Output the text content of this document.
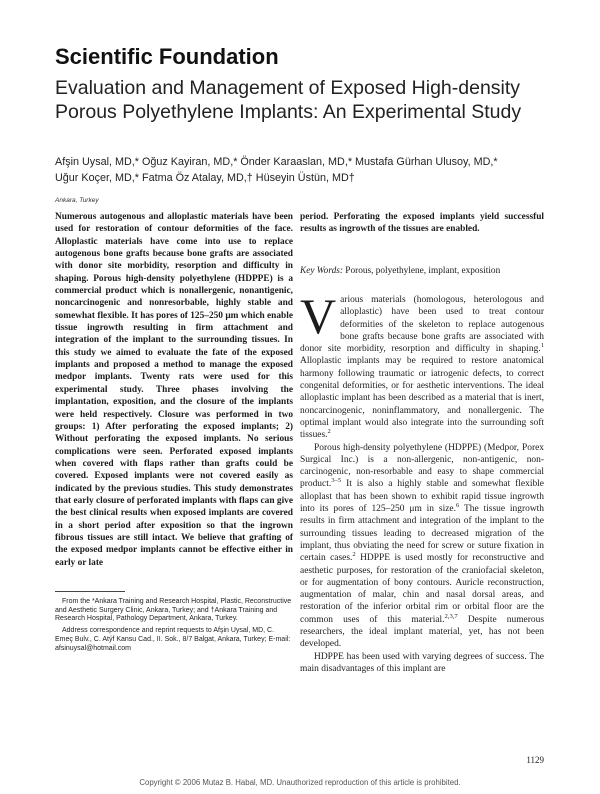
Scientific Foundation
Evaluation and Management of Exposed High-density Porous Polyethylene Implants: An Experimental Study
Afşin Uysal, MD,* Oğuz Kayiran, MD,* Önder Karaaslan, MD,* Mustafa Gürhan Ulusoy, MD,*
Uğur Koçer, MD,* Fatma Öz Atalay, MD,† Hüseyin Üstün, MD†
Ankara, Turkey
Numerous autogenous and alloplastic materials have been used for restoration of contour deformities of the face. Alloplastic materials have come into use to replace autogenous bone grafts because bone grafts are associated with donor site morbidity, resorption and difficulty in shaping. Porous high-density polyethylene (HDPPE) is a commercial product which is nonallergenic, nonantigenic, noncarcinogenic and nonresorbable, highly stable and somewhat flexible. It has pores of 125–250 μm which enable tissue ingrowth resulting in firm attachment and integration of the implant to the surrounding tissues. In this study we aimed to evaluate the fate of the exposed implants and proposed a method to manage the exposed medpor implants. Twenty rats were used for this experimental study. Three phases involving the implantation, exposition, and the closure of the implants were held respectively. Closure was performed in two groups: 1) After perforating the exposed implants; 2) Without perforating the exposed implants. No serious complications were seen. Perforated exposed implants when covered with flaps rather than grafts could be covered. Exposed implants were not covered easily as indicated by the previous studies. This study demonstrates that early closure of perforated implants with flaps can give the best clinical results when exposed implants are covered in a short period after exposition so that the ingrown fibrous tissues are still intact. We believe that grafting of the exposed medpor implants cannot be effective either in early or late
period. Perforating the exposed implants yield successful results as ingrowth of the tissues are enabled.
Key Words: Porous, polyethylene, implant, exposition

Various materials (homologous, heterologous and alloplastic) have been used to treat contour deformities of the skeleton to replace autogenous bone grafts because bone grafts are associated with donor site morbidity, resorption and difficulty in shaping.$^1$ Alloplastic implants may be required to restore anatomical harmony following traumatic or iatrogenic defects, to correct congenital deformities, or for aesthetic interventions. The ideal alloplastic implant has been described as a material that is inert, noncarcinogenic, noninflammatory, and nonallergenic. The optimal implant would also integrate into the surrounding soft tissues.$^2$

Porous high-density polyethylene (HDPPE) (Medpor, Porex Surgical Inc.) is a non-allergenic, non-antigenic, non-carcinogenic, non-resorbable and easy to shape commercial product.$^{3-5}$ It is also a highly stable and somewhat flexible alloplast that has been shown to exhibit rapid tissue ingrowth into its pores of 125–250 μm in size.$^6$ The tissue ingrowth results in firm attachment and integration of the implant to the surrounding tissues leading to decreased migration of the implant, thus obviating the need for screw or suture fixation in certain cases.$^2$ HDPPE is used mostly for reconstructive and aesthetic purposes, for restoration of the craniofacial skeleton, or for augmentation of bony contours. Auricle reconstruction, augmentation of malar, chin and nasal dorsal areas, and restoration of the inferior orbital rim or orbital floor are the common uses of this material.$^{2,3,7}$ Despite numerous researchers, the ideal implant material, yet, has not been developed.

HDPPE has been used with varying degrees of success. The main disadvantages of this implant are

From the *Ankara Training and Research Hospital, Plastic, Reconstructive and Aesthetic Surgery Clinic, Ankara, Turkey; and †Ankara Training and Research Hospital, Pathology Department, Ankara, Turkey.

Address correspondence and reprint requests to Afşin Uysal, MD, C. Emeç Bulv., C. Atýf Kansu Cad., II. Sok., 8/7 Balgat, Ankara, Turkey; E-mail: afsinuysal@hotmail.com

1129
Copyright © 2006 Mutaz B. Habal, MD. Unauthorized reproduction of this article is prohibited.
